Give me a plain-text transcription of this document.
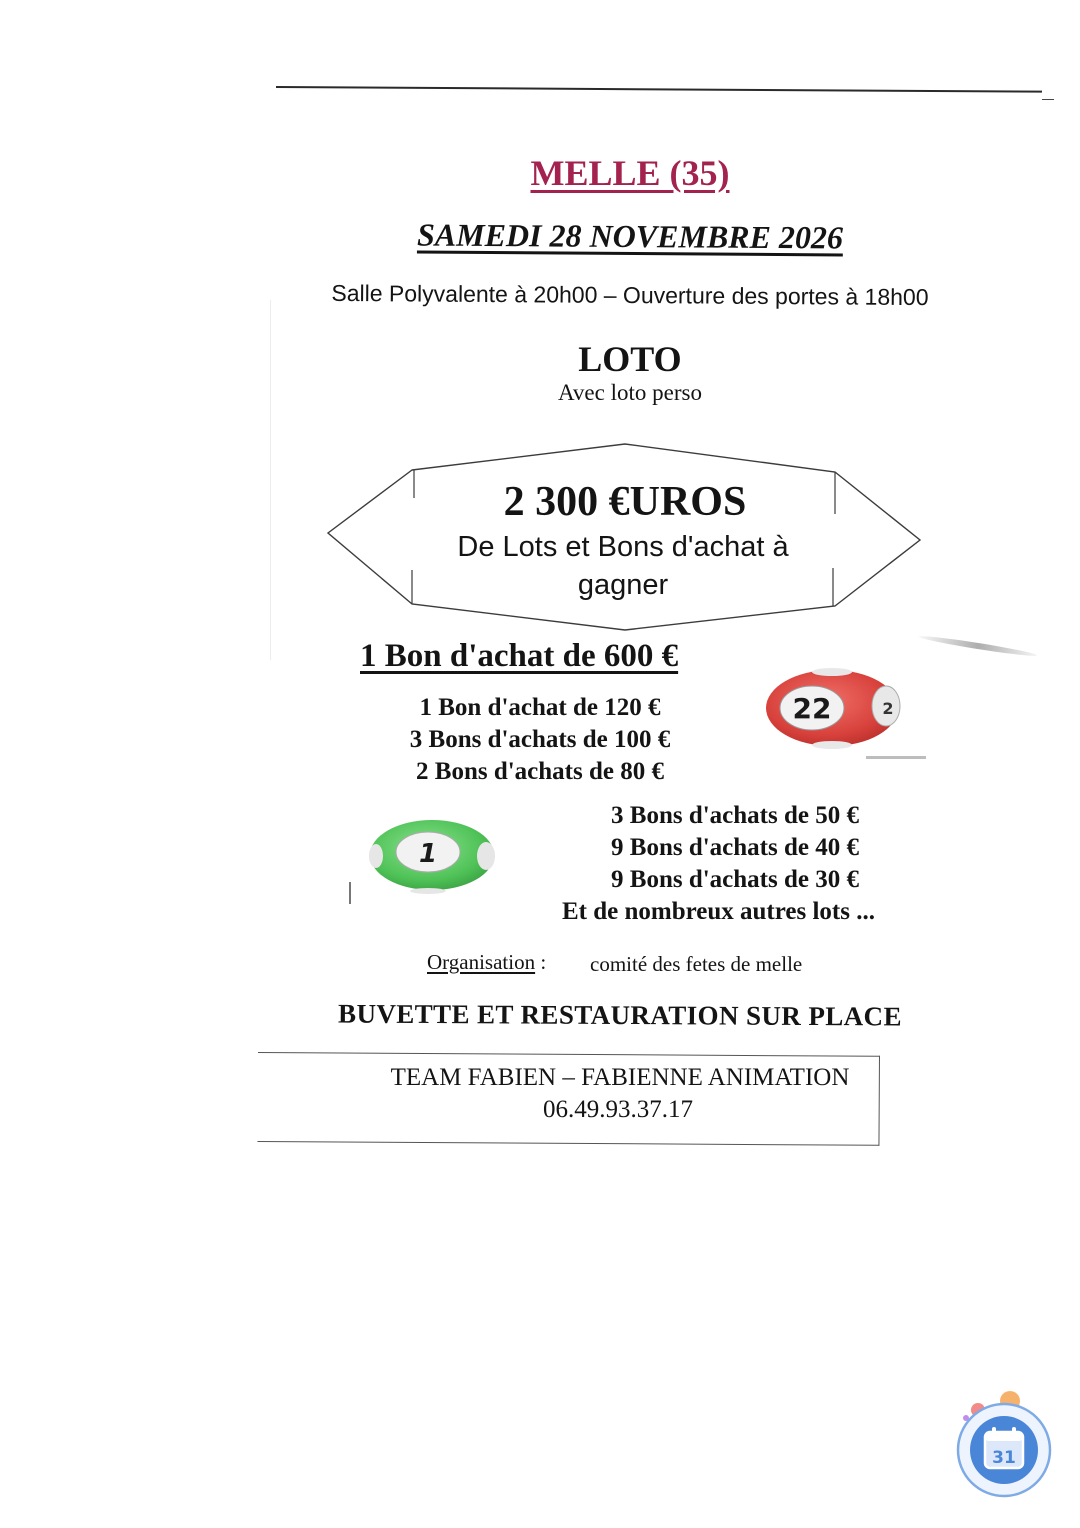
MELLE (35)
SAMEDI 28 NOVEMBRE 2026
Salle Polyvalente à 20h00 – Ouverture des portes à 18h00
LOTO
Avec loto perso
2 300 €UROS
De Lots et Bons d'achat à gagner
1 Bon d'achat de 600 €
1 Bon d'achat de 120 €
3 Bons d'achats de 100 €
2 Bons d'achats de 80 €
22	2
1
3 Bons d'achats de 50 €
9 Bons d'achats de 40 €
9 Bons d'achats de 30 €
Et de nombreux autres lots ...
Organisation : comité des fetes de melle
BUVETTE ET RESTAURATION SUR PLACE
TEAM FABIEN – FABIENNE ANIMATION
06.49.93.37.17
31
